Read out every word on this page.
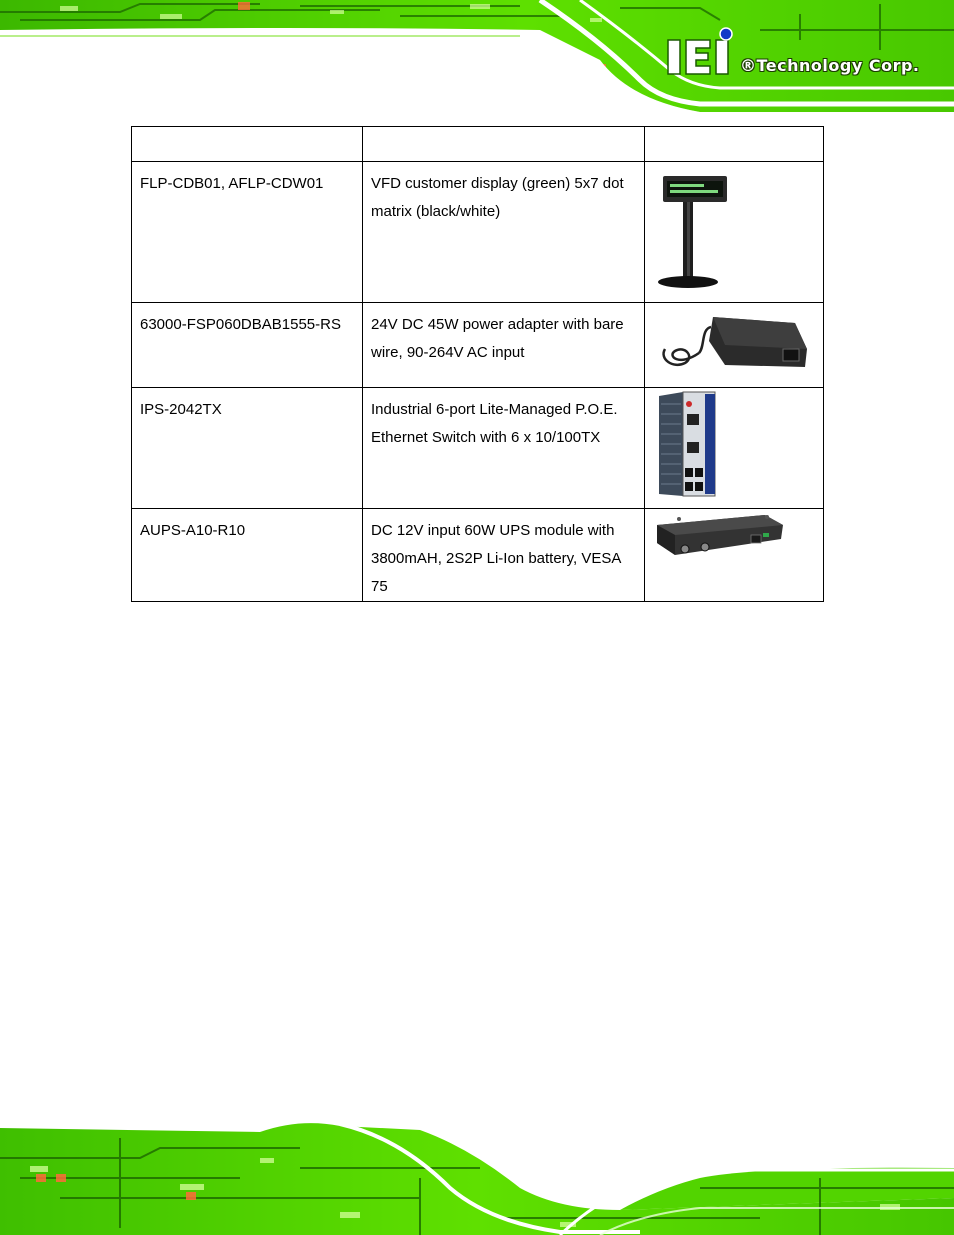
®Technology Corp.

FLP-CDB01, AFLP-CDW01	VFD customer display (green) 5x7 dot matrix (black/white)	
63000-FSP060DBAB1555-RS	24V DC 45W power adapter with bare wire, 90-264V AC input	
IPS-2042TX	Industrial 6-port Lite-Managed P.O.E. Ethernet Switch with 6 x 10/100TX	
AUPS-A10-R10	DC 12V input 60W UPS module with 3800mAH, 2S2P Li-Ion battery, VESA 75	
